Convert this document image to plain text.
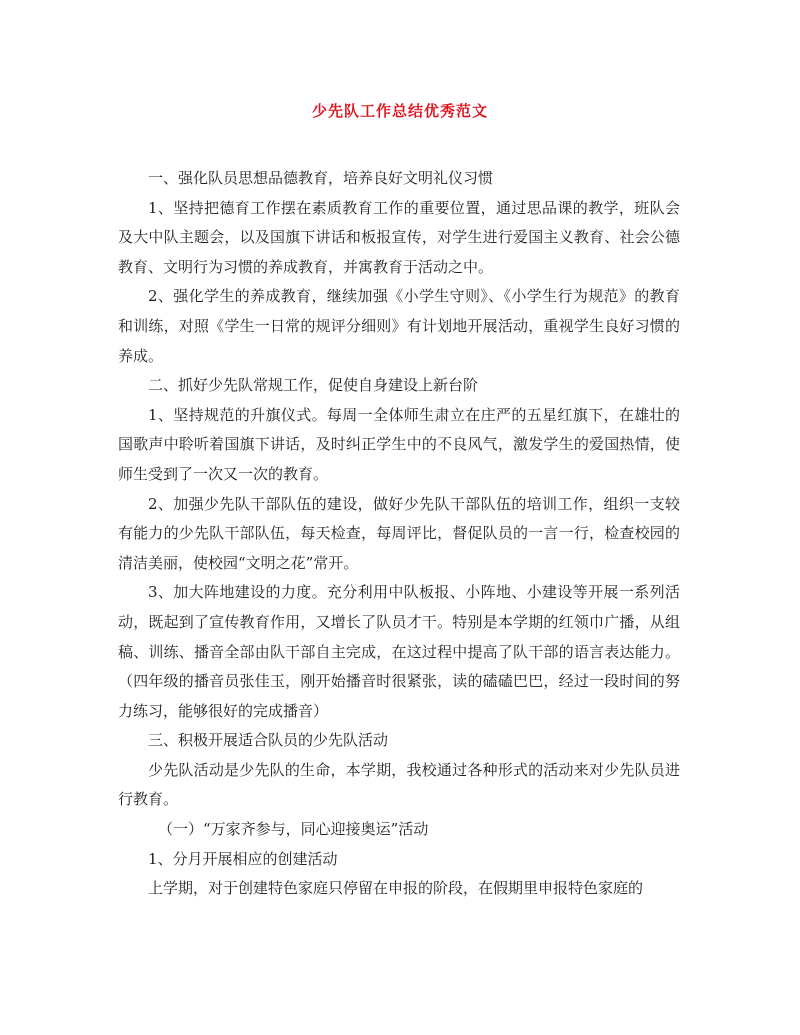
少先队工作总结优秀范文

一、强化队员思想品德教育，培养良好文明礼仪习惯

1、坚持把德育工作摆在素质教育工作的重要位置，通过思品课的教学，班队会及大中队主题会，以及国旗下讲话和板报宣传，对学生进行爱国主义教育、社会公德教育、文明行为习惯的养成教育，并寓教育于活动之中。

2、强化学生的养成教育，继续加强《小学生守则》、《小学生行为规范》的教育和训练，对照《学生一日常的规评分细则》有计划地开展活动，重视学生良好习惯的养成。

二、抓好少先队常规工作，促使自身建设上新台阶

1、坚持规范的升旗仪式。每周一全体师生肃立在庄严的五星红旗下，在雄壮的国歌声中聆听着国旗下讲话，及时纠正学生中的不良风气，激发学生的爱国热情，使师生受到了一次又一次的教育。

2、加强少先队干部队伍的建设，做好少先队干部队伍的培训工作，组织一支较有能力的少先队干部队伍，每天检查，每周评比，督促队员的一言一行，检查校园的清洁美丽，使校园“文明之花”常开。

3、加大阵地建设的力度。充分利用中队板报、小阵地、小建设等开展一系列活动，既起到了宣传教育作用，又增长了队员才干。特别是本学期的红领巾广播，从组稿、训练、播音全部由队干部自主完成，在这过程中提高了队干部的语言表达能力。（四年级的播音员张佳玉，刚开始播音时很紧张，读的磕磕巴巴，经过一段时间的努力练习，能够很好的完成播音）

三、积极开展适合队员的少先队活动

少先队活动是少先队的生命，本学期，我校通过各种形式的活动来对少先队员进行教育。

（一）“万家齐参与，同心迎接奥运”活动

1、分月开展相应的创建活动

上学期，对于创建特色家庭只停留在申报的阶段，在假期里申报特色家庭的
